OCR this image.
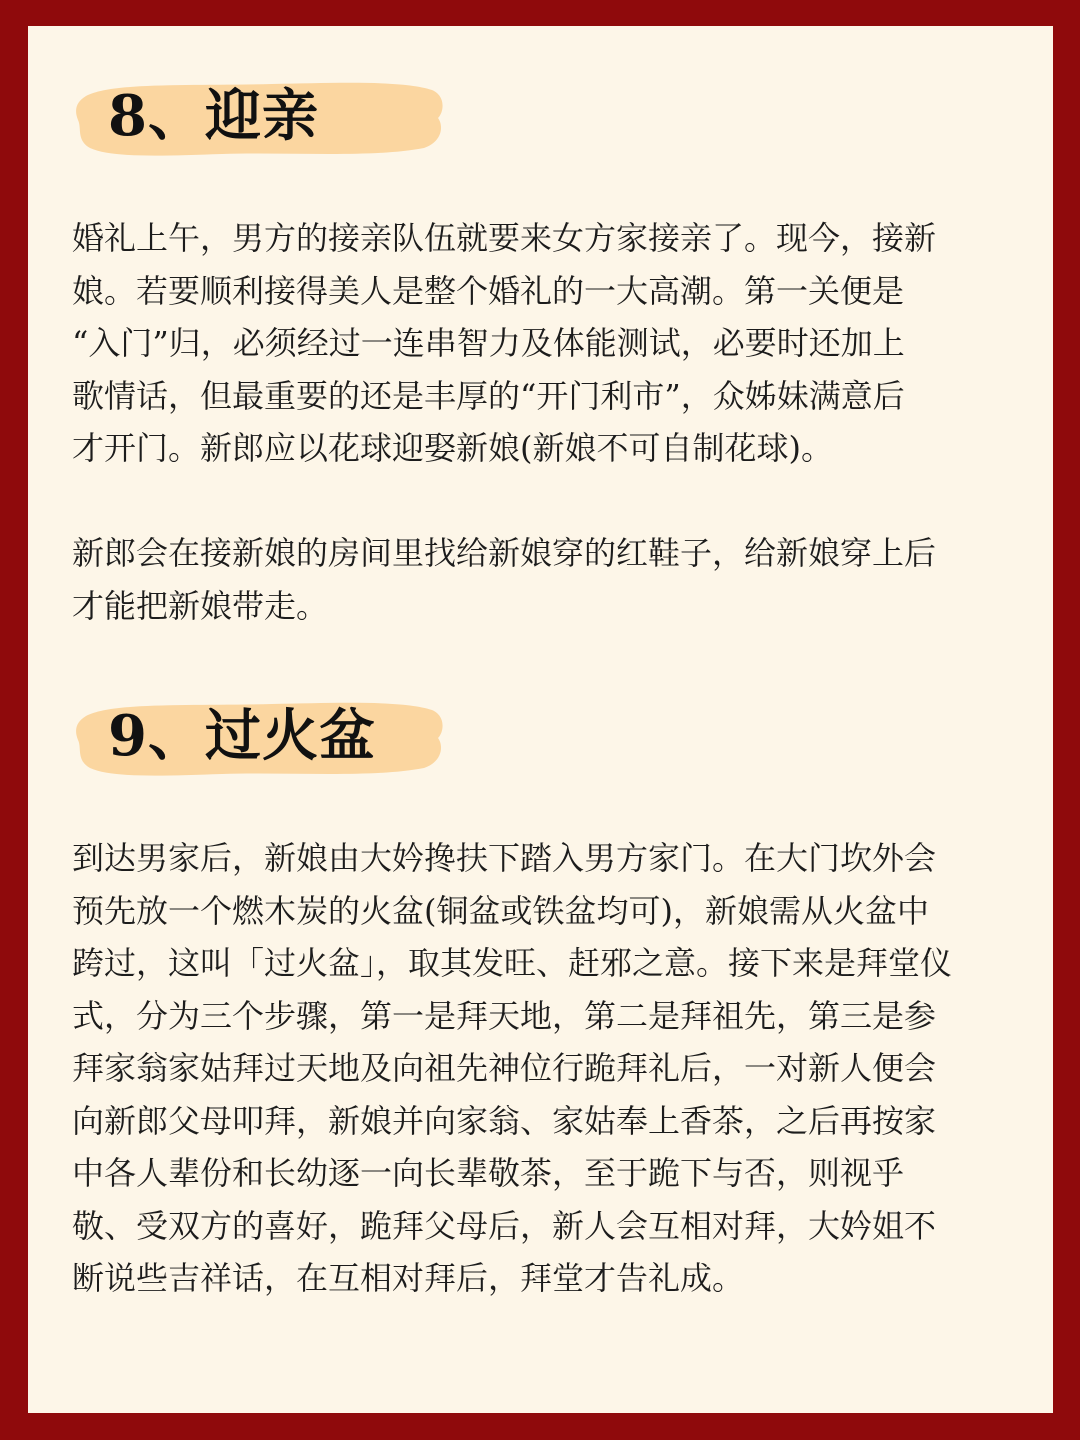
8、迎亲

婚礼上午，男方的接亲队伍就要来女方家接亲了。现今，接新
娘。若要顺利接得美人是整个婚礼的一大高潮。第一关便是
“入门”归，必须经过一连串智力及体能测试，必要时还加上
歌情话，但最重要的还是丰厚的“开门利市”，众姊妹满意后
才开门。新郎应以花球迎娶新娘(新娘不可自制花球)。

新郎会在接新娘的房间里找给新娘穿的红鞋子，给新娘穿上后
才能把新娘带走。

9、过火盆

到达男家后，新娘由大妗搀扶下踏入男方家门。在大门坎外会
预先放一个燃木炭的火盆(铜盆或铁盆均可)，新娘需从火盆中
跨过，这叫「过火盆」，取其发旺、赶邪之意。接下来是拜堂仪
式，分为三个步骤，第一是拜天地，第二是拜祖先，第三是参
拜家翁家姑拜过天地及向祖先神位行跪拜礼后，一对新人便会
向新郎父母叩拜，新娘并向家翁、家姑奉上香茶，之后再按家
中各人辈份和长幼逐一向长辈敬茶，至于跪下与否，则视乎
敬、受双方的喜好，跪拜父母后，新人会互相对拜，大妗姐不
断说些吉祥话，在互相对拜后，拜堂才告礼成。
